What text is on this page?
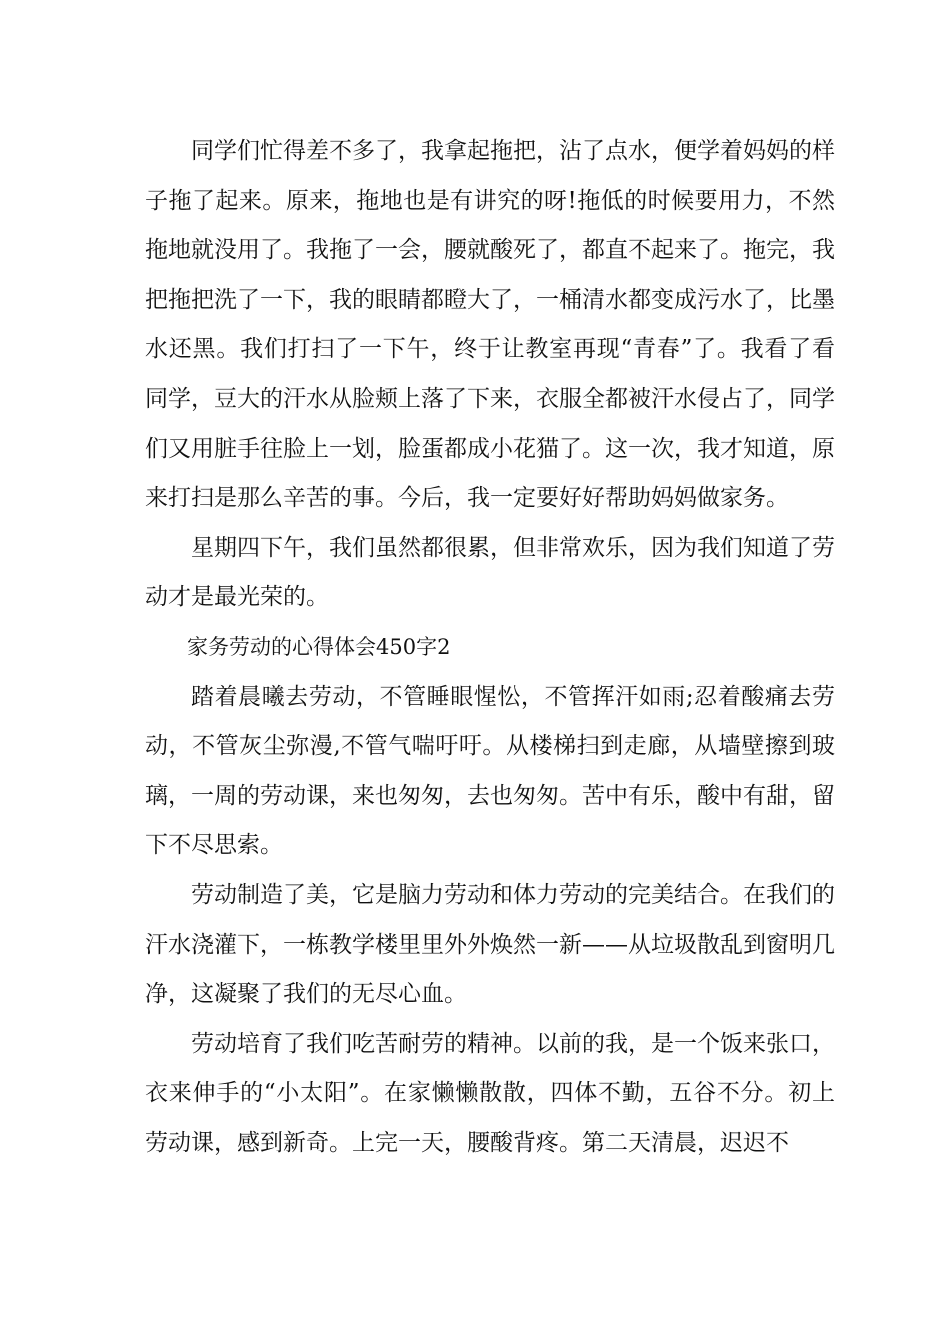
同学们忙得差不多了，我拿起拖把，沾了点水，便学着妈妈的样子拖了起来。原来，拖地也是有讲究的呀!拖低的时候要用力，不然拖地就没用了。我拖了一会，腰就酸死了，都直不起来了。拖完，我把拖把洗了一下，我的眼睛都瞪大了，一桶清水都变成污水了，比墨水还黑。我们打扫了一下午，终于让教室再现“青春”了。我看了看同学，豆大的汗水从脸颊上落了下来，衣服全都被汗水侵占了，同学们又用脏手往脸上一划，脸蛋都成小花猫了。这一次，我才知道，原来打扫是那么辛苦的事。今后，我一定要好好帮助妈妈做家务。

星期四下午，我们虽然都很累，但非常欢乐，因为我们知道了劳动才是最光荣的。

家务劳动的心得体会450字2

踏着晨曦去劳动，不管睡眼惺忪，不管挥汗如雨;忍着酸痛去劳动，不管灰尘弥漫,不管气喘吁吁。从楼梯扫到走廊，从墙壁擦到玻璃，一周的劳动课，来也匆匆，去也匆匆。苦中有乐，酸中有甜，留下不尽思索。

劳动制造了美，它是脑力劳动和体力劳动的完美结合。在我们的汗水浇灌下，一栋教学楼里里外外焕然一新——从垃圾散乱到窗明几净，这凝聚了我们的无尽心血。

劳动培育了我们吃苦耐劳的精神。以前的我，是一个饭来张口，衣来伸手的“小太阳”。在家懒懒散散，四体不勤，五谷不分。初上劳动课，感到新奇。上完一天，腰酸背疼。第二天清晨，迟迟不
